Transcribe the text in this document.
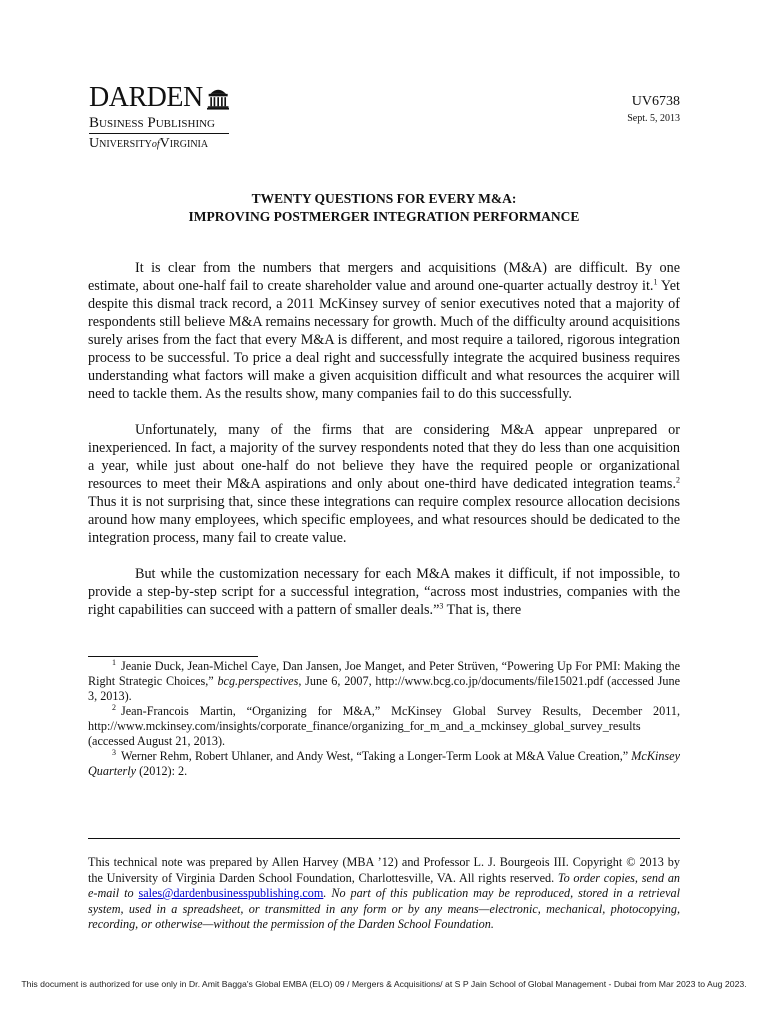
DARDEN
Business Publishing
UniversityofVirginia
UV6738
Sept. 5, 2013
TWENTY QUESTIONS FOR EVERY M&A:
IMPROVING POSTMERGER INTEGRATION PERFORMANCE

It is clear from the numbers that mergers and acquisitions (M&A) are difficult. By one estimate, about one-half fail to create shareholder value and around one-quarter actually destroy it.$^1$ Yet despite this dismal track record, a 2011 McKinsey survey of senior executives noted that a majority of respondents still believe M&A remains necessary for growth. Much of the difficulty around acquisitions surely arises from the fact that every M&A is different, and most require a tailored, rigorous integration process to be successful. To price a deal right and successfully integrate the acquired business requires understanding what factors will make a given acquisition difficult and what resources the acquirer will need to tackle them. As the results show, many companies fail to do this successfully.

Unfortunately, many of the firms that are considering M&A appear unprepared or inexperienced. In fact, a majority of the survey respondents noted that they do less than one acquisition a year, while just about one-half do not believe they have the required people or organizational resources to meet their M&A aspirations and only about one-third have dedicated integration teams.$^2$ Thus it is not surprising that, since these integrations can require complex resource allocation decisions around how many employees, which specific employees, and what resources should be dedicated to the integration process, many fail to create value.

But while the customization necessary for each M&A makes it difficult, if not impossible, to provide a step-by-step script for a successful integration, “across most industries, companies with the right capabilities can succeed with a pattern of smaller deals.”$^3$ That is, there

$^1$ Jeanie Duck, Jean-Michel Caye, Dan Jansen, Joe Manget, and Peter Strüven, “Powering Up For PMI: Making the Right Strategic Choices,” bcg.perspectives, June 6, 2007, http://www.bcg.co.jp/documents/file15021.pdf (accessed June 3, 2013).

$^2$ Jean-Francois Martin, “Organizing for M&A,” McKinsey Global Survey Results, December 2011, http://www.mckinsey.com/insights/corporate_finance/organizing_for_m_and_a_mckinsey_global_survey_results (accessed August 21, 2013).

$^3$ Werner Rehm, Robert Uhlaner, and Andy West, “Taking a Longer-Term Look at M&A Value Creation,” McKinsey Quarterly (2012): 2.

This technical note was prepared by Allen Harvey (MBA ’12) and Professor L. J. Bourgeois III. Copyright © 2013 by the University of Virginia Darden School Foundation, Charlottesville, VA. All rights reserved. To order copies, send an e-mail to sales@dardenbusinesspublishing.com. No part of this publication may be reproduced, stored in a retrieval system, used in a spreadsheet, or transmitted in any form or by any means—electronic, mechanical, photocopying, recording, or otherwise—without the permission of the Darden School Foundation.
This document is authorized for use only in Dr. Amit Bagga's Global EMBA (ELO) 09 / Mergers & Acquisitions/ at S P Jain School of Global Management - Dubai from Mar 2023 to Aug 2023.
